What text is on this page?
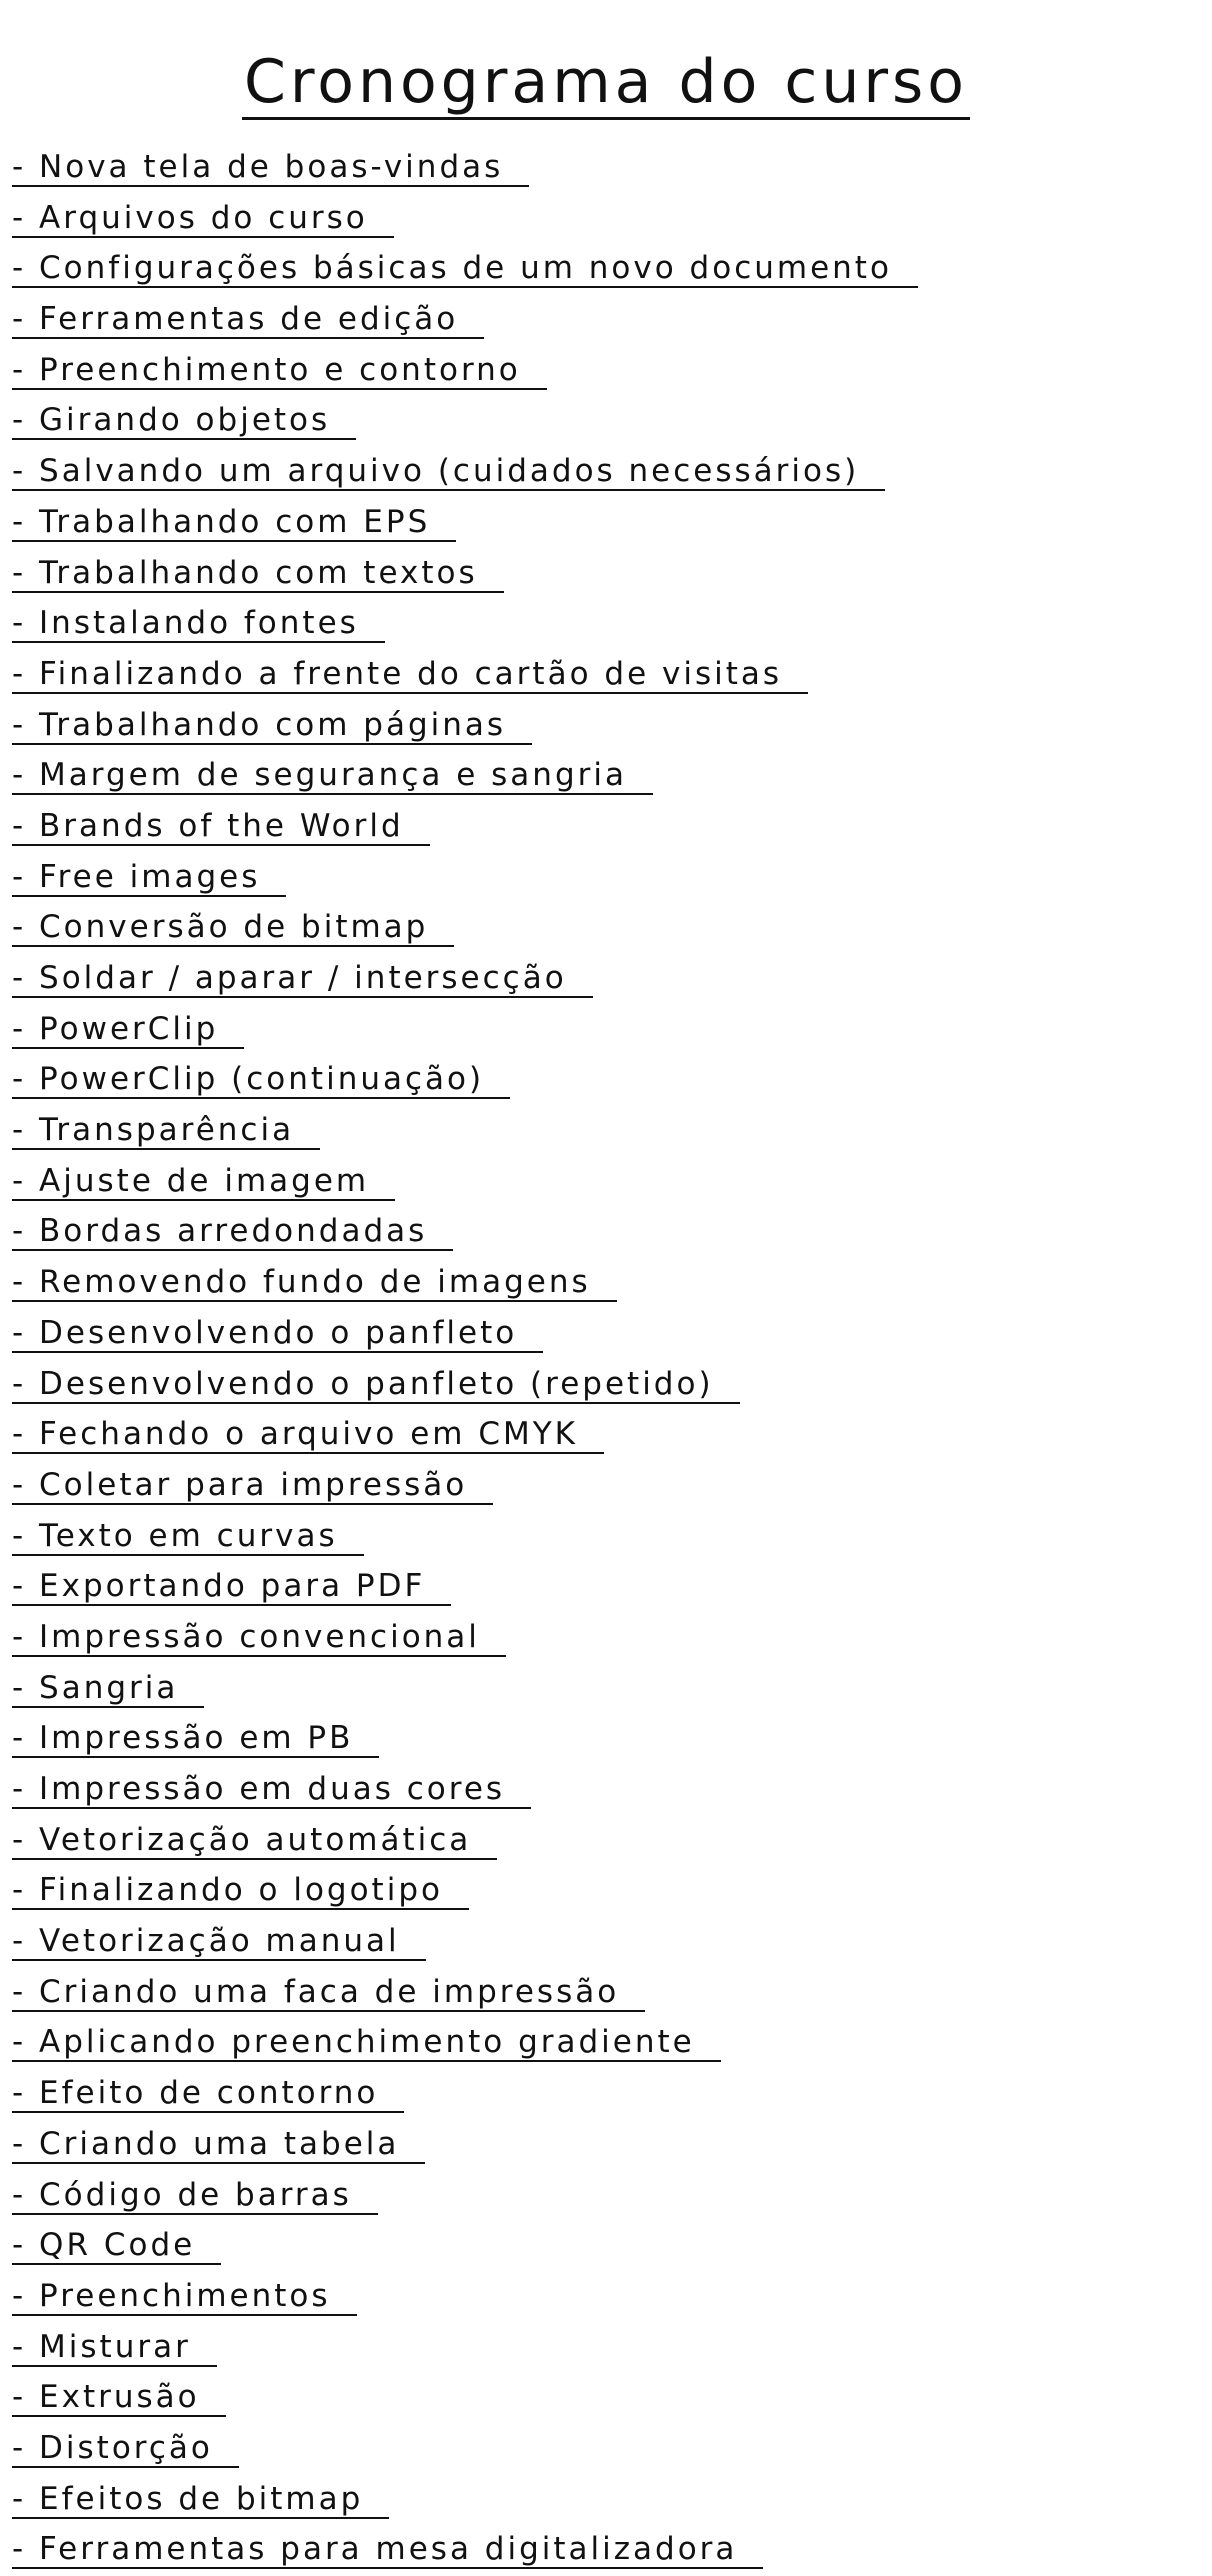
Cronograma do curso
- Nova tela de boas-vindas
- Arquivos do curso
- Configurações básicas de um novo documento
- Ferramentas de edição
- Preenchimento e contorno
- Girando objetos
- Salvando um arquivo (cuidados necessários)
- Trabalhando com EPS
- Trabalhando com textos
- Instalando fontes
- Finalizando a frente do cartão de visitas
- Trabalhando com páginas
- Margem de segurança e sangria
- Brands of the World
- Free images
- Conversão de bitmap
- Soldar / aparar / intersecção
- PowerClip
- PowerClip (continuação)
- Transparência
- Ajuste de imagem
- Bordas arredondadas
- Removendo fundo de imagens
- Desenvolvendo o panfleto
- Desenvolvendo o panfleto (repetido)
- Fechando o arquivo em CMYK
- Coletar para impressão
- Texto em curvas
- Exportando para PDF
- Impressão convencional
- Sangria
- Impressão em PB
- Impressão em duas cores
- Vetorização automática
- Finalizando o logotipo
- Vetorização manual
- Criando uma faca de impressão
- Aplicando preenchimento gradiente
- Efeito de contorno
- Criando uma tabela
- Código de barras
- QR Code
- Preenchimentos
- Misturar
- Extrusão
- Distorção
- Efeitos de bitmap
- Ferramentas para mesa digitalizadora
